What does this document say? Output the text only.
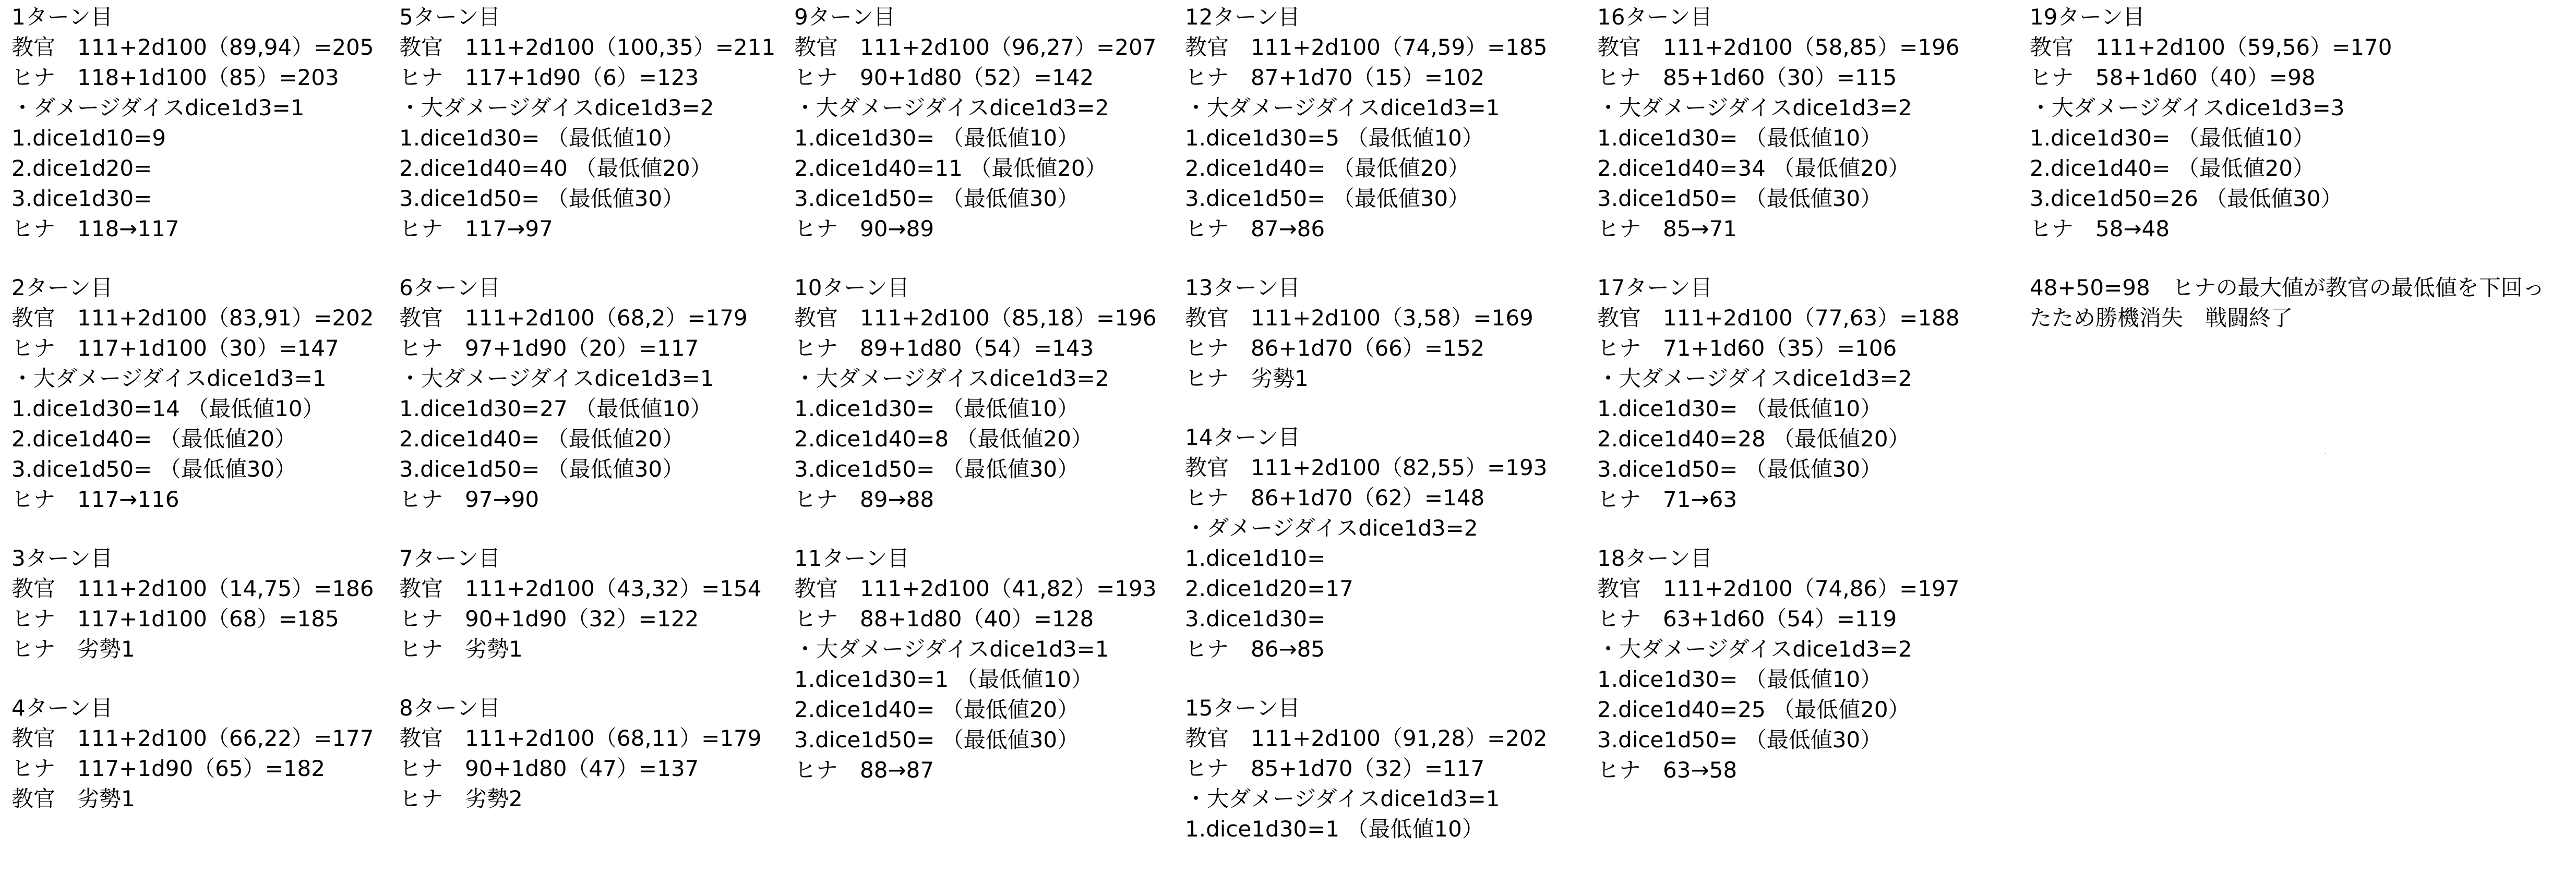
1ターン目
教官　111+2d100（89,94）=205
ヒナ　118+1d100（85）=203
・ダメージダイスdice1d3=1
1.dice1d10=9
2.dice1d20=
3.dice1d30=
ヒナ　118→117
2ターン目
教官　111+2d100（83,91）=202
ヒナ　117+1d100（30）=147
・大ダメージダイスdice1d3=1
1.dice1d30=14 （最低値10）
2.dice1d40= （最低値20）
3.dice1d50= （最低値30）
ヒナ　117→116
3ターン目
教官　111+2d100（14,75）=186
ヒナ　117+1d100（68）=185
ヒナ　劣勢1
4ターン目
教官　111+2d100（66,22）=177
ヒナ　117+1d90（65）=182
教官　劣勢1
5ターン目
教官　111+2d100（100,35）=211
ヒナ　117+1d90（6）=123
・大ダメージダイスdice1d3=2
1.dice1d30= （最低値10）
2.dice1d40=40 （最低値20）
3.dice1d50= （最低値30）
ヒナ　117→97
6ターン目
教官　111+2d100（68,2）=179
ヒナ　97+1d90（20）=117
・大ダメージダイスdice1d3=1
1.dice1d30=27 （最低値10）
2.dice1d40= （最低値20）
3.dice1d50= （最低値30）
ヒナ　97→90
7ターン目
教官　111+2d100（43,32）=154
ヒナ　90+1d90（32）=122
ヒナ　劣勢1
8ターン目
教官　111+2d100（68,11）=179
ヒナ　90+1d80（47）=137
ヒナ　劣勢2
9ターン目
教官　111+2d100（96,27）=207
ヒナ　90+1d80（52）=142
・大ダメージダイスdice1d3=2
1.dice1d30= （最低値10）
2.dice1d40=11 （最低値20）
3.dice1d50= （最低値30）
ヒナ　90→89
10ターン目
教官　111+2d100（85,18）=196
ヒナ　89+1d80（54）=143
・大ダメージダイスdice1d3=2
1.dice1d30= （最低値10）
2.dice1d40=8 （最低値20）
3.dice1d50= （最低値30）
ヒナ　89→88
11ターン目
教官　111+2d100（41,82）=193
ヒナ　88+1d80（40）=128
・大ダメージダイスdice1d3=1
1.dice1d30=1 （最低値10）
2.dice1d40= （最低値20）
3.dice1d50= （最低値30）
ヒナ　88→87
12ターン目
教官　111+2d100（74,59）=185
ヒナ　87+1d70（15）=102
・大ダメージダイスdice1d3=1
1.dice1d30=5 （最低値10）
2.dice1d40= （最低値20）
3.dice1d50= （最低値30）
ヒナ　87→86
13ターン目
教官　111+2d100（3,58）=169
ヒナ　86+1d70（66）=152
ヒナ　劣勢1
14ターン目
教官　111+2d100（82,55）=193
ヒナ　86+1d70（62）=148
・ダメージダイスdice1d3=2
1.dice1d10=
2.dice1d20=17
3.dice1d30=
ヒナ　86→85
15ターン目
教官　111+2d100（91,28）=202
ヒナ　85+1d70（32）=117
・大ダメージダイスdice1d3=1
1.dice1d30=1 （最低値10）
16ターン目
教官　111+2d100（58,85）=196
ヒナ　85+1d60（30）=115
・大ダメージダイスdice1d3=2
1.dice1d30= （最低値10）
2.dice1d40=34 （最低値20）
3.dice1d50= （最低値30）
ヒナ　85→71
17ターン目
教官　111+2d100（77,63）=188
ヒナ　71+1d60（35）=106
・大ダメージダイスdice1d3=2
1.dice1d30= （最低値10）
2.dice1d40=28 （最低値20）
3.dice1d50= （最低値30）
ヒナ　71→63
18ターン目
教官　111+2d100（74,86）=197
ヒナ　63+1d60（54）=119
・大ダメージダイスdice1d3=2
1.dice1d30= （最低値10）
2.dice1d40=25 （最低値20）
3.dice1d50= （最低値30）
ヒナ　63→58
19ターン目
教官　111+2d100（59,56）=170
ヒナ　58+1d60（40）=98
・大ダメージダイスdice1d3=3
1.dice1d30= （最低値10）
2.dice1d40= （最低値20）
3.dice1d50=26 （最低値30）
ヒナ　58→48
48+50=98　ヒナの最大値が教官の最低値を下回っ
たため勝機消失　戦闘終了
